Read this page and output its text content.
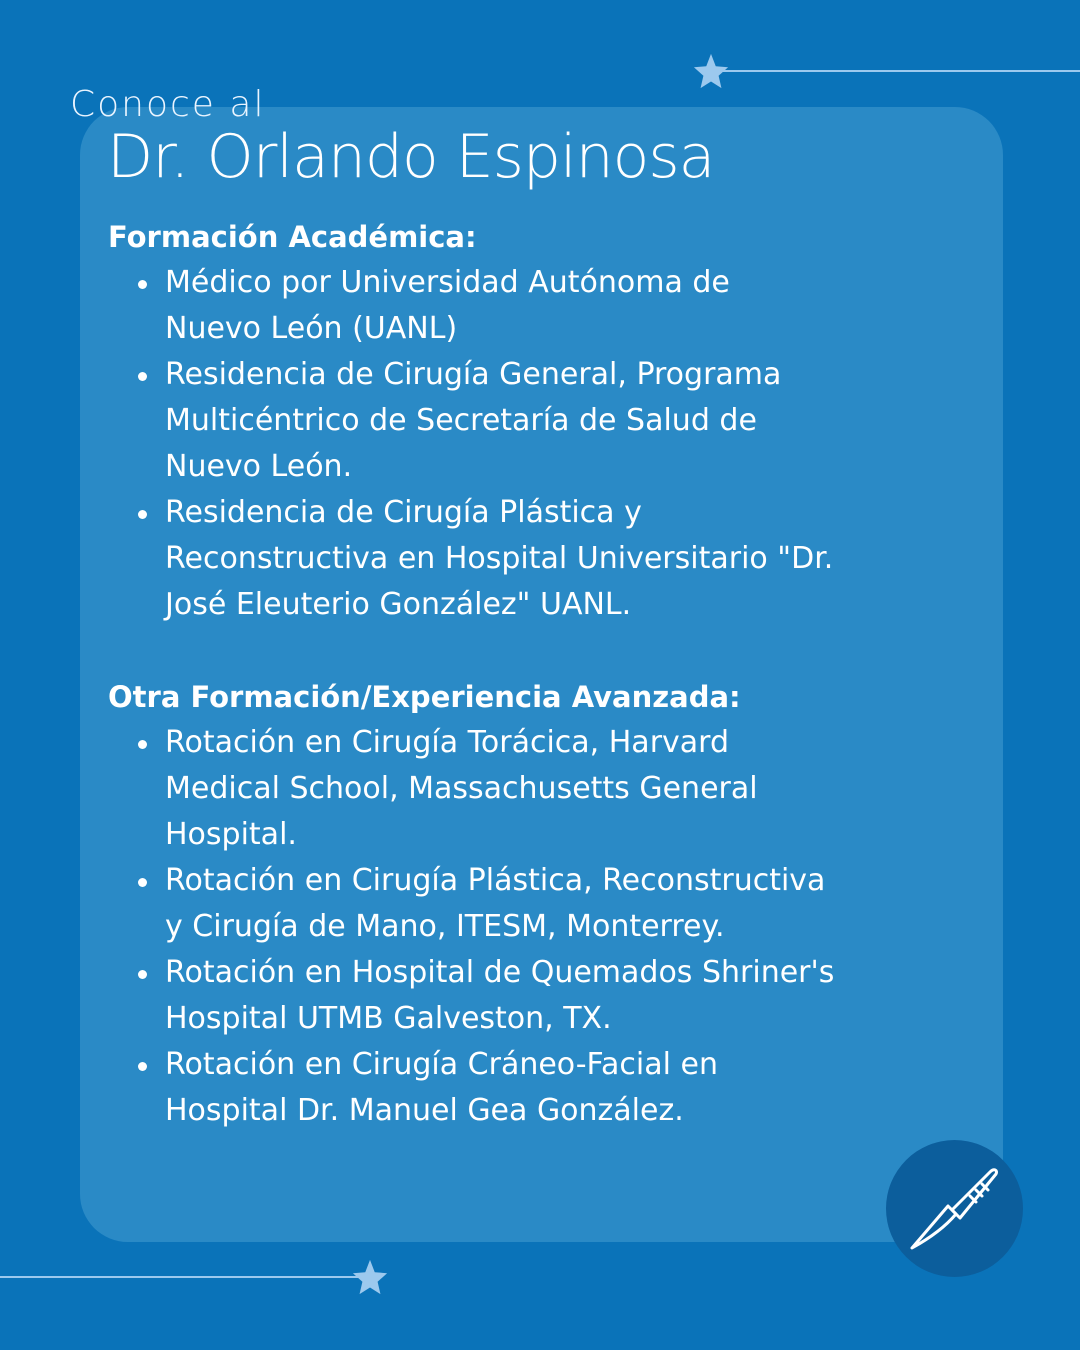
Conoce al
Dr. Orlando Espinosa
Formación Académica:
Médico por Universidad Autónoma de
Nuevo León (UANL)
Residencia de Cirugía General, Programa
Multicéntrico de Secretaría de Salud de
Nuevo León.
Residencia de Cirugía Plástica y
Reconstructiva en Hospital Universitario "Dr.
José Eleuterio González" UANL.
Otra Formación/Experiencia Avanzada:
Rotación en Cirugía Torácica, Harvard
Medical School, Massachusetts General
Hospital.
Rotación en Cirugía Plástica, Reconstructiva
y Cirugía de Mano, ITESM, Monterrey.
Rotación en Hospital de Quemados Shriner's
Hospital UTMB Galveston, TX.
Rotación en Cirugía Cráneo-Facial en
Hospital Dr. Manuel Gea González.
